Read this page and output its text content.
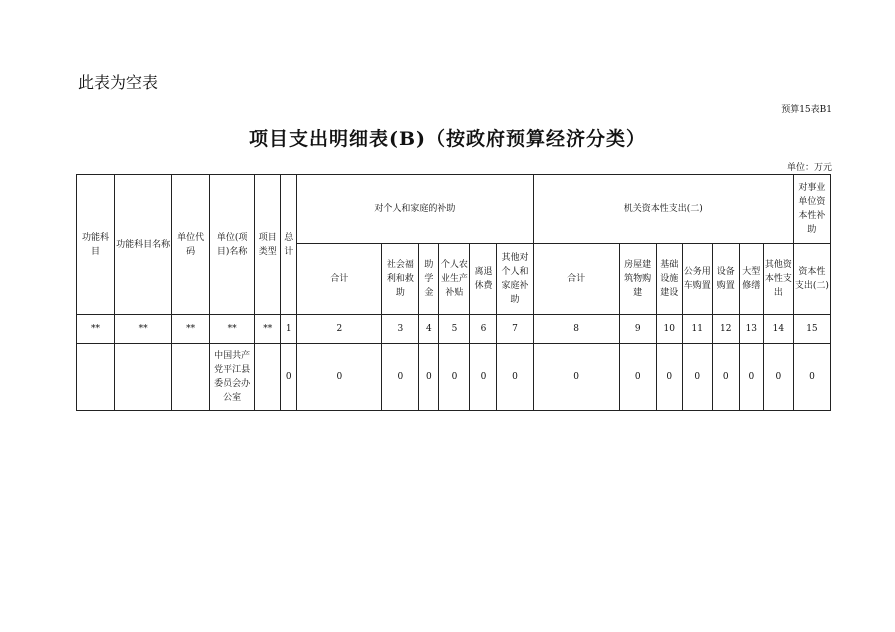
此表为空表
预算15表B1
项目支出明细表(B)（按政府预算经济分类）
单位：万元
功能科目	功能科目名称	单位代码	单位(项目)名称	项目类型	总计	对个人和家庭的补助						机关资本性支出(二)							对事业单位资本性补助
						合计	社会福利和救助	助学金	个人农业生产补贴	离退休费	其他对个人和家庭补助	合计	房屋建筑物购建	基础设施建设	公务用车购置	设备购置	大型修缮	其他资本性支出	资本性支出(二)
**	**	**	**	**	1	2	3	4	5	6	7	8	9	10	11	12	13	14	15
			中国共产党平江县委员会办公室		0	0	0	0	0	0	0	0	0	0	0	0	0	0	0
